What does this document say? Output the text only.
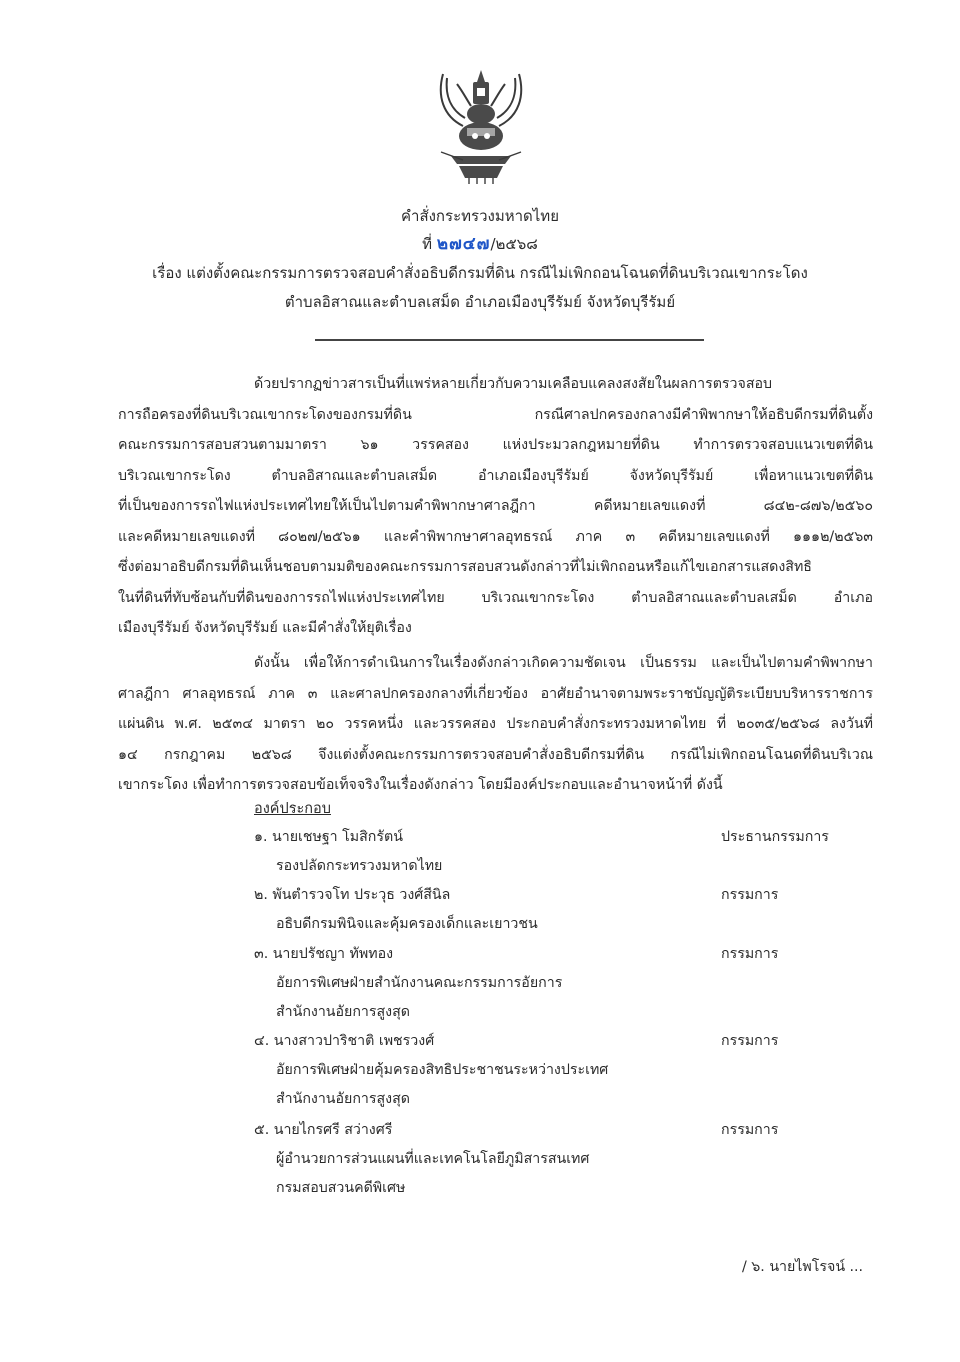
คำสั่งกระทรวงมหาดไทย
ที่ ๒๗๔๗/๒๕๖๘
เรื่อง แต่งตั้งคณะกรรมการตรวจสอบคำสั่งอธิบดีกรมที่ดิน กรณีไม่เพิกถอนโฉนดที่ดินบริเวณเขากระโดง
ตำบลอิสาณและตำบลเสม็ด อำเภอเมืองบุรีรัมย์ จังหวัดบุรีรัมย์
ด้วยปรากฏข่าวสารเป็นที่แพร่หลายเกี่ยวกับความเคลือบแคลงสงสัยในผลการตรวจสอบ
การถือครองที่ดินบริเวณเขากระโดงของกรมที่ดิน กรณีศาลปกครองกลางมีคำพิพากษาให้อธิบดีกรมที่ดินตั้ง
คณะกรรมการสอบสวนตามมาตรา ๖๑ วรรคสอง แห่งประมวลกฎหมายที่ดิน ทำการตรวจสอบแนวเขตที่ดิน
บริเวณเขากระโดง ตำบลอิสาณและตำบลเสม็ด อำเภอเมืองบุรีรัมย์ จังหวัดบุรีรัมย์ เพื่อหาแนวเขตที่ดิน
ที่เป็นของการรถไฟแห่งประเทศไทยให้เป็นไปตามคำพิพากษาศาลฎีกา คดีหมายเลขแดงที่ ๘๔๒-๘๗๖/๒๕๖๐
และคดีหมายเลขแดงที่ ๘๐๒๗/๒๕๖๑ และคำพิพากษาศาลอุทธรณ์ ภาค ๓ คดีหมายเลขแดงที่ ๑๑๑๒/๒๕๖๓
ซึ่งต่อมาอธิบดีกรมที่ดินเห็นชอบตามมติของคณะกรรมการสอบสวนดังกล่าวที่ไม่เพิกถอนหรือแก้ไขเอกสารแสดงสิทธิ
ในที่ดินที่ทับซ้อนกับที่ดินของการรถไฟแห่งประเทศไทย บริเวณเขากระโดง ตำบลอิสาณและตำบลเสม็ด อำเภอ
เมืองบุรีรัมย์ จังหวัดบุรีรัมย์ และมีคำสั่งให้ยุติเรื่อง
ดังนั้น เพื่อให้การดำเนินการในเรื่องดังกล่าวเกิดความชัดเจน เป็นธรรม และเป็นไปตามคำพิพากษา
ศาลฎีกา ศาลอุทธรณ์ ภาค ๓ และศาลปกครองกลางที่เกี่ยวข้อง อาศัยอำนาจตามพระราชบัญญัติระเบียบบริหารราชการ
แผ่นดิน พ.ศ. ๒๕๓๔ มาตรา ๒๐ วรรคหนึ่ง และวรรคสอง ประกอบคำสั่งกระทรวงมหาดไทย ที่ ๒๐๓๕/๒๕๖๘ ลงวันที่
๑๔ กรกฎาคม ๒๕๖๘ จึงแต่งตั้งคณะกรรมการตรวจสอบคำสั่งอธิบดีกรมที่ดิน กรณีไม่เพิกถอนโฉนดที่ดินบริเวณ
เขากระโดง เพื่อทำการตรวจสอบข้อเท็จจริงในเรื่องดังกล่าว โดยมีองค์ประกอบและอำนาจหน้าที่ ดังนี้
องค์ประกอบ
๑. นายเชษฐา โมสิกรัตน์	ประธานกรรมการ
รองปลัดกระทรวงมหาดไทย
๒. พันตำรวจโท ประวุธ วงศ์สีนิล	กรรมการ
อธิบดีกรมพินิจและคุ้มครองเด็กและเยาวชน
๓. นายปรัชญา ทัพทอง	กรรมการ
อัยการพิเศษฝ่ายสำนักงานคณะกรรมการอัยการ
สำนักงานอัยการสูงสุด
๔. นางสาวปาริชาติ เพชรวงศ์	กรรมการ
อัยการพิเศษฝ่ายคุ้มครองสิทธิประชาชนระหว่างประเทศ
สำนักงานอัยการสูงสุด
๕. นายไกรศรี สว่างศรี	กรรมการ
ผู้อำนวยการส่วนแผนที่และเทคโนโลยีภูมิสารสนเทศ
กรมสอบสวนคดีพิเศษ
/ ๖. นายไพโรจน์ ...
